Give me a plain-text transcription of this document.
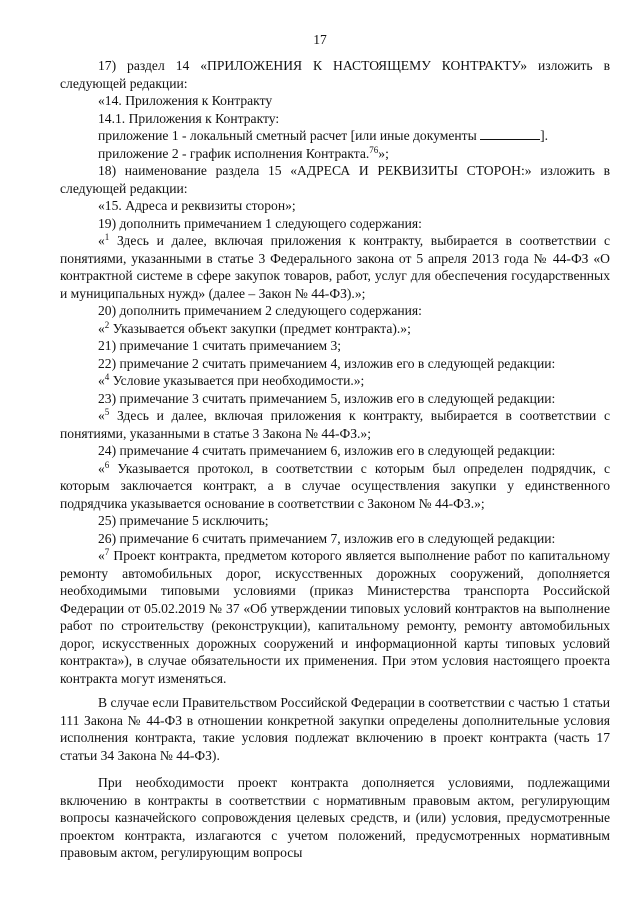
17

17) раздел 14 «ПРИЛОЖЕНИЯ К НАСТОЯЩЕМУ КОНТРАКТУ» изложить в следующей редакции:

«14. Приложения к Контракту

14.1. Приложения к Контракту:

приложение 1 - локальный сметный расчет [или иные документы	].

приложение 2 - график исполнения Контракта.$^{76}$»;

18) наименование раздела 15 «АДРЕСА И РЕКВИЗИТЫ СТОРОН:» изложить в следующей редакции:

«15. Адреса и реквизиты сторон»;

19) дополнить примечанием 1 следующего содержания:

«$^1$ Здесь и далее, включая приложения к контракту, выбирается в соответствии с понятиями, указанными в статье 3 Федерального закона от 5 апреля 2013 года № 44-ФЗ «О контрактной системе в сфере закупок товаров, работ, услуг для обеспечения государственных и муниципальных нужд» (далее – Закон № 44-ФЗ).»;

20) дополнить примечанием 2 следующего содержания:

«$^2$ Указывается объект закупки (предмет контракта).»;

21) примечание 1 считать примечанием 3;

22) примечание 2 считать примечанием 4, изложив его в следующей редакции:

«$^4$ Условие указывается при необходимости.»;

23) примечание 3 считать примечанием 5, изложив его в следующей редакции:

«$^5$ Здесь и далее, включая приложения к контракту, выбирается в соответствии с понятиями, указанными в статье 3 Закона № 44-ФЗ.»;

24) примечание 4 считать примечанием 6, изложив его в следующей редакции:

«$^6$ Указывается протокол, в соответствии с которым был определен подрядчик, с которым заключается контракт, а в случае осуществления закупки у единственного подрядчика указывается основание в соответствии с Законом № 44-ФЗ.»;

25) примечание 5 исключить;

26) примечание 6 считать примечанием 7, изложив его в следующей редакции:

«$^7$ Проект контракта, предметом которого является выполнение работ по капитальному ремонту автомобильных дорог, искусственных дорожных сооружений, дополняется необходимыми типовыми условиями (приказ Министерства транспорта Российской Федерации от 05.02.2019 № 37 «Об утверждении типовых условий контрактов на выполнение работ по строительству (реконструкции), капитальному ремонту, ремонту автомобильных дорог, искусственных дорожных сооружений и информационной карты типовых условий контракта»), в случае обязательности их применения. При этом условия настоящего проекта контракта могут изменяться.

В случае если Правительством Российской Федерации в соответствии с частью 1 статьи 111 Закона № 44-ФЗ в отношении конкретной закупки определены дополнительные условия исполнения контракта, такие условия подлежат включению в проект контракта (часть 17 статьи 34 Закона № 44-ФЗ).

При необходимости проект контракта дополняется условиями, подлежащими включению в контракты в соответствии с нормативным правовым актом, регулирующим вопросы казначейского сопровождения целевых средств, и (или) условия, предусмотренные проектом контракта, излагаются с учетом положений, предусмотренных нормативным правовым актом, регулирующим вопросы
